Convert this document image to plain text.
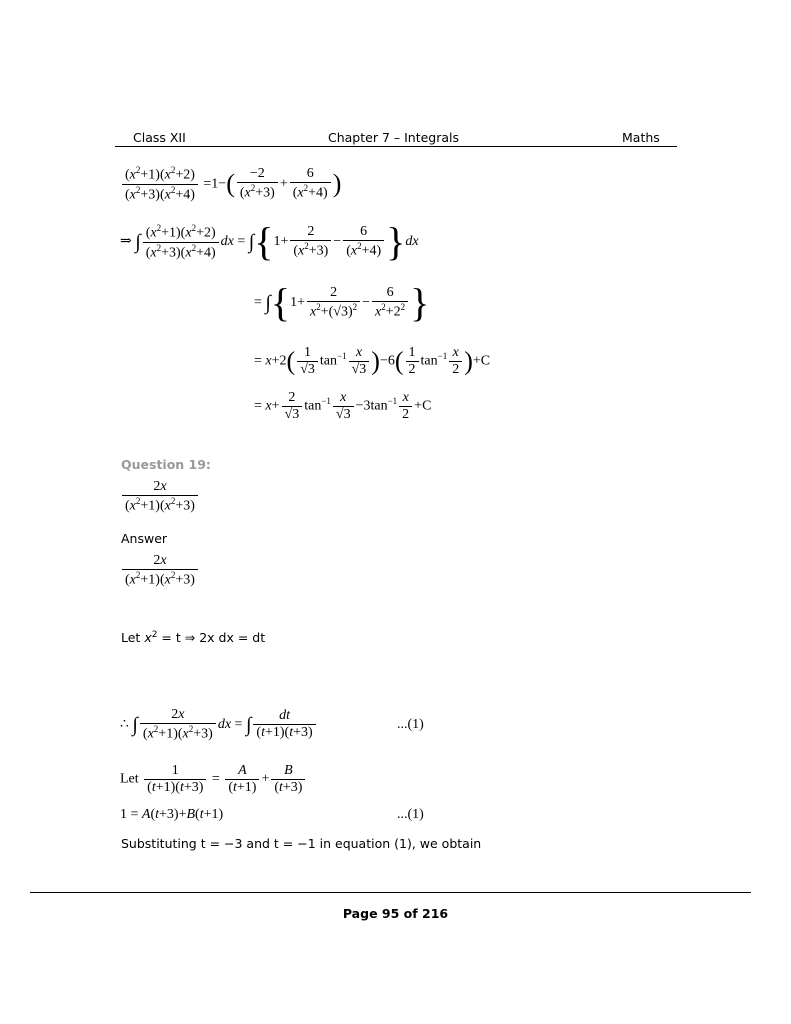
Class XII	Chapter 7 – Integrals	Maths
$\frac{(x^2+1)(x^2+2)}{(x^2+3)(x^2+4)} =1-( \frac{-2}{(x^2+3)} + \frac{6}{(x^2+4)}$ )
⇒ ∫ $\frac{(x^2+1)(x^2+2)}{(x^2+3)(x^2+4)}$ dx = $\int\{1+ \frac{2}{(x^2+3)} - \frac{6}{(x^2+4)} \}dx$
= $\int\{1+ \frac{2}{x^2+(√3)^2} - \frac{6}{x^2+2^2}$ }
= $x+2( \frac{1}{√3} \tan^{-1} \frac{x}{√3} )-6( \frac{1}{2} \tan^{-1} \frac{x}{2} )+C$
= $x+ \frac{2}{√3} \tan^{-1} \frac{x}{√3} -3\tan^{-1} \frac{x}{2} +C$
Question 19:
$\frac{2x}{(x^2+1)(x^2+3)}$
Answer
$\frac{2x}{(x^2+1)(x^2+3)}$
Let $x^2 = t$ ⇒ 2x dx = dt
∴ ∫ $\frac{2x}{(x^2+1)(x^2+3)}$ dx = ∫ $\frac{dt}{(t+1)(t+3)}$	...(1)
Let $\frac{1}{(t+1)(t+3)} = \frac{A}{(t+1)} + \frac{B}{(t+3)}$
1 = A(t+3)+B(t+1)	...(1)
Substituting t = −3 and t = −1 in equation (1), we obtain
Page 95 of 216
